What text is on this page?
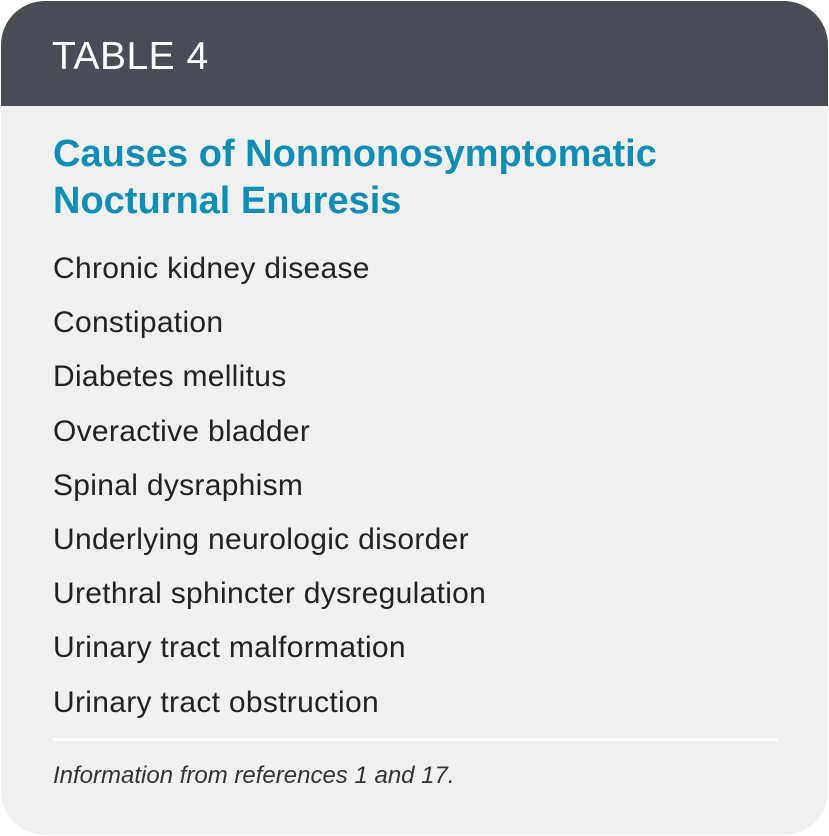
TABLE 4
Causes of Nonmonosymptomatic
Nocturnal Enuresis
Chronic kidney disease
Constipation
Diabetes mellitus
Overactive bladder
Spinal dysraphism
Underlying neurologic disorder
Urethral sphincter dysregulation
Urinary tract malformation
Urinary tract obstruction
Information from references 1 and 17.
